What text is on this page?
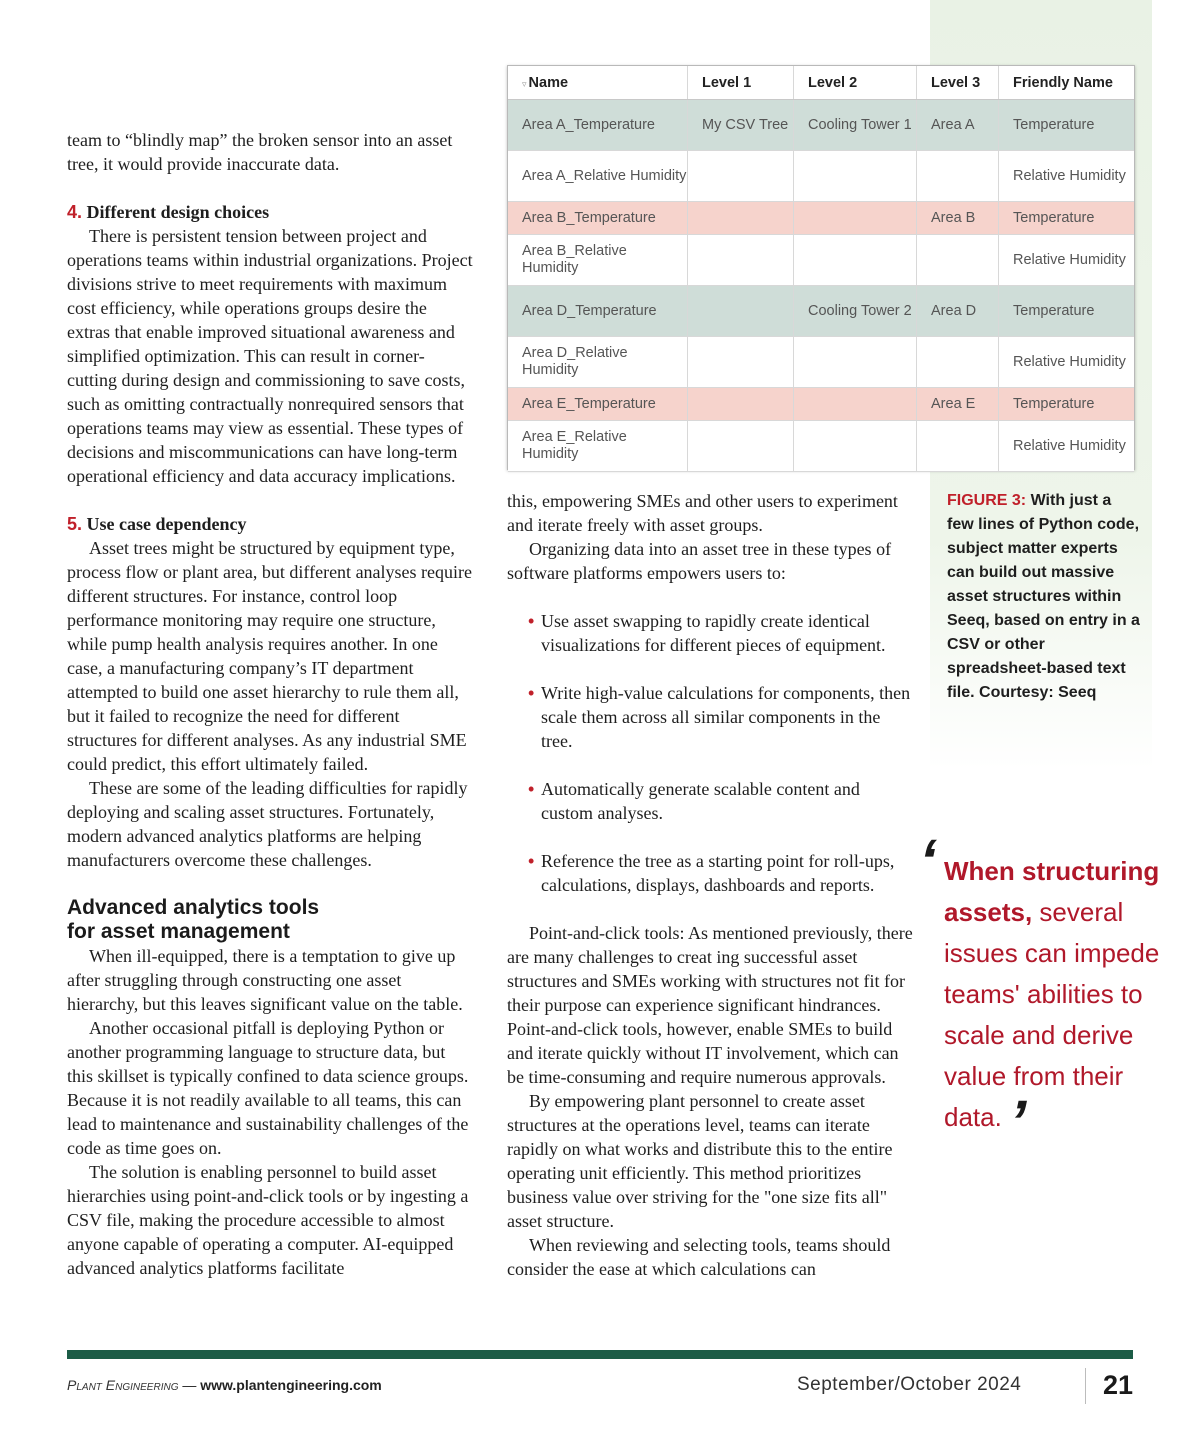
▿ Name	Level 1	Level 2	Level 3	Friendly Name
Area A_Temperature	My CSV Tree	Cooling Tower 1	Area A	Temperature
Area A_Relative Humidity				Relative Humidity
Area B_Temperature			Area B	Temperature
Area B_Relative Humidity				Relative Humidity
Area D_Temperature		Cooling Tower 2	Area D	Temperature
Area D_Relative Humidity				Relative Humidity
Area E_Temperature			Area E	Temperature
Area E_Relative Humidity				Relative Humidity

team to “blindly map” the broken sensor into an asset tree, it would provide inaccurate data.

4. Different design choices

There is persistent tension between project and operations teams within industrial organizations. Project divisions strive to meet requirements with maximum cost efficiency, while operations groups desire the extras that enable improved situational awareness and simplified optimization. This can result in corner-cutting during design and commissioning to save costs, such as omitting contractually nonrequired sensors that operations teams may view as essential. These types of decisions and miscommunications can have long-term operational efficiency and data accuracy implications.

5. Use case dependency

Asset trees might be structured by equipment type, process flow or plant area, but different analyses require different structures. For instance, control loop performance monitoring may require one structure, while pump health analysis requires another. In one case, a manufacturing company’s IT department attempted to build one asset hierarchy to rule them all, but it failed to recognize the need for different structures for different analyses. As any industrial SME could predict, this effort ultimately failed.

These are some of the leading difficulties for rapidly deploying and scaling asset structures. Fortunately, modern advanced analytics platforms are helping manufacturers overcome these challenges.

Advanced analytics tools

for asset management

When ill-equipped, there is a temptation to give up after struggling through constructing one asset hierarchy, but this leaves significant value on the table.

Another occasional pitfall is deploying Python or another programming language to structure data, but this skillset is typically confined to data science groups. Because it is not readily available to all teams, this can lead to maintenance and sustainability challenges of the code as time goes on.

The solution is enabling personnel to build asset hierarchies using point-and-click tools or by ingesting a CSV file, making the procedure accessible to almost anyone capable of operating a computer. AI-equipped advanced analytics platforms facilitate

this, empowering SMEs and other users to experiment and iterate freely with asset groups.

Organizing data into an asset tree in these types of software platforms empowers users to:

• Use asset swapping to rapidly create identical visualizations for different pieces of equipment.
• Write high-value calculations for components, then scale them across all similar components in the tree.
• Automatically generate scalable content and custom analyses.
• Reference the tree as a starting point for roll-ups, calculations, displays, dashboards and reports.

Point-and-click tools: As mentioned previously, there are many challenges to creat ing successful asset structures and SMEs working with structures not fit for their purpose can experience significant hindrances. Point-and-click tools, however, enable SMEs to build and iterate quickly without IT involvement, which can be time-consuming and require numerous approvals.

By empowering plant personnel to create asset structures at the operations level, teams can iterate rapidly on what works and distribute this to the entire operating unit efficiently. This method prioritizes business value over striving for the "one size fits all" asset structure.

When reviewing and selecting tools, teams should consider the ease at which calculations can

FIGURE 3: With just a few lines of Python code, subject matter experts can build out massive asset structures within Seeq, based on entry in a CSV or other spreadsheet-based text file. Courtesy: Seeq
‘ When structuring assets, several issues can impede teams' abilities to scale and derive value from their data. ’
Plant Engineering — www.plantengineering.com	September/October 2024	21
